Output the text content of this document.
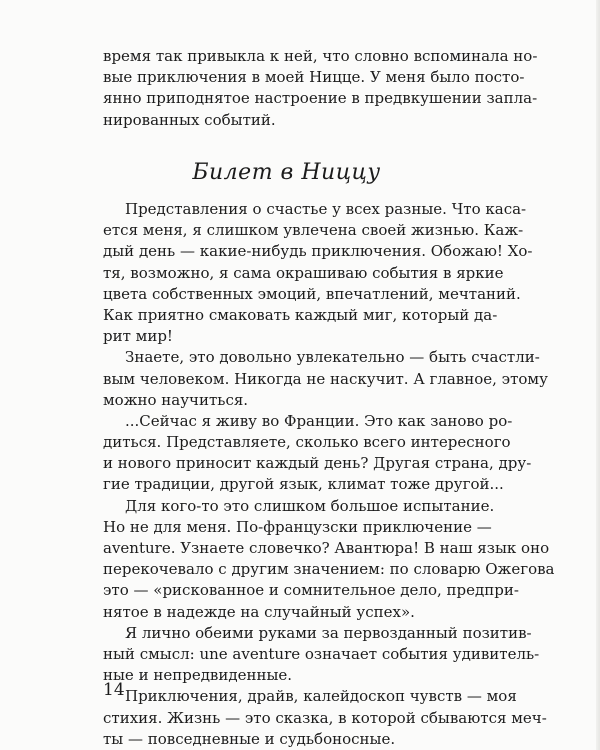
время так привыкла к ней, что словно вспоминала но-
вые приключения в моей Ницце. У меня было посто-
янно приподнятое настроение в предвкушении запла-
нированных событий.
Билет в Ниццу
Представления о счастье у всех разные. Что каса-
ется меня, я слишком увлечена своей жизнью. Каж-
дый день — какие-нибудь приключения. Обожаю! Хо-
тя, возможно, я сама окрашиваю события в яркие
цвета собственных эмоций, впечатлений, мечтаний.
Как приятно смаковать каждый миг, который да-
рит мир!
Знаете, это довольно увлекательно — быть счастли-
вым человеком. Никогда не наскучит. А главное, этому
можно научиться.
...Сейчас я живу во Франции. Это как заново ро-
диться. Представляете, сколько всего интересного
и нового приносит каждый день? Другая страна, дру-
гие традиции, другой язык, климат тоже другой...
Для кого-то это слишком большое испытание.
Но не для меня. По-французски приключение —
aventure. Узнаете словечко? Авантюра! В наш язык оно
перекочевало с другим значением: по словарю Ожегова
это — «рискованное и сомнительное дело, предпри-
нятое в надежде на случайный успех».
Я лично обеими руками за первозданный позитив-
ный смысл: une aventure означает события удивитель-
ные и непредвиденные.
Приключения, драйв, калейдоскоп чувств — моя
стихия. Жизнь — это сказка, в которой сбываются меч-
ты — повседневные и судьбоносные.
14
